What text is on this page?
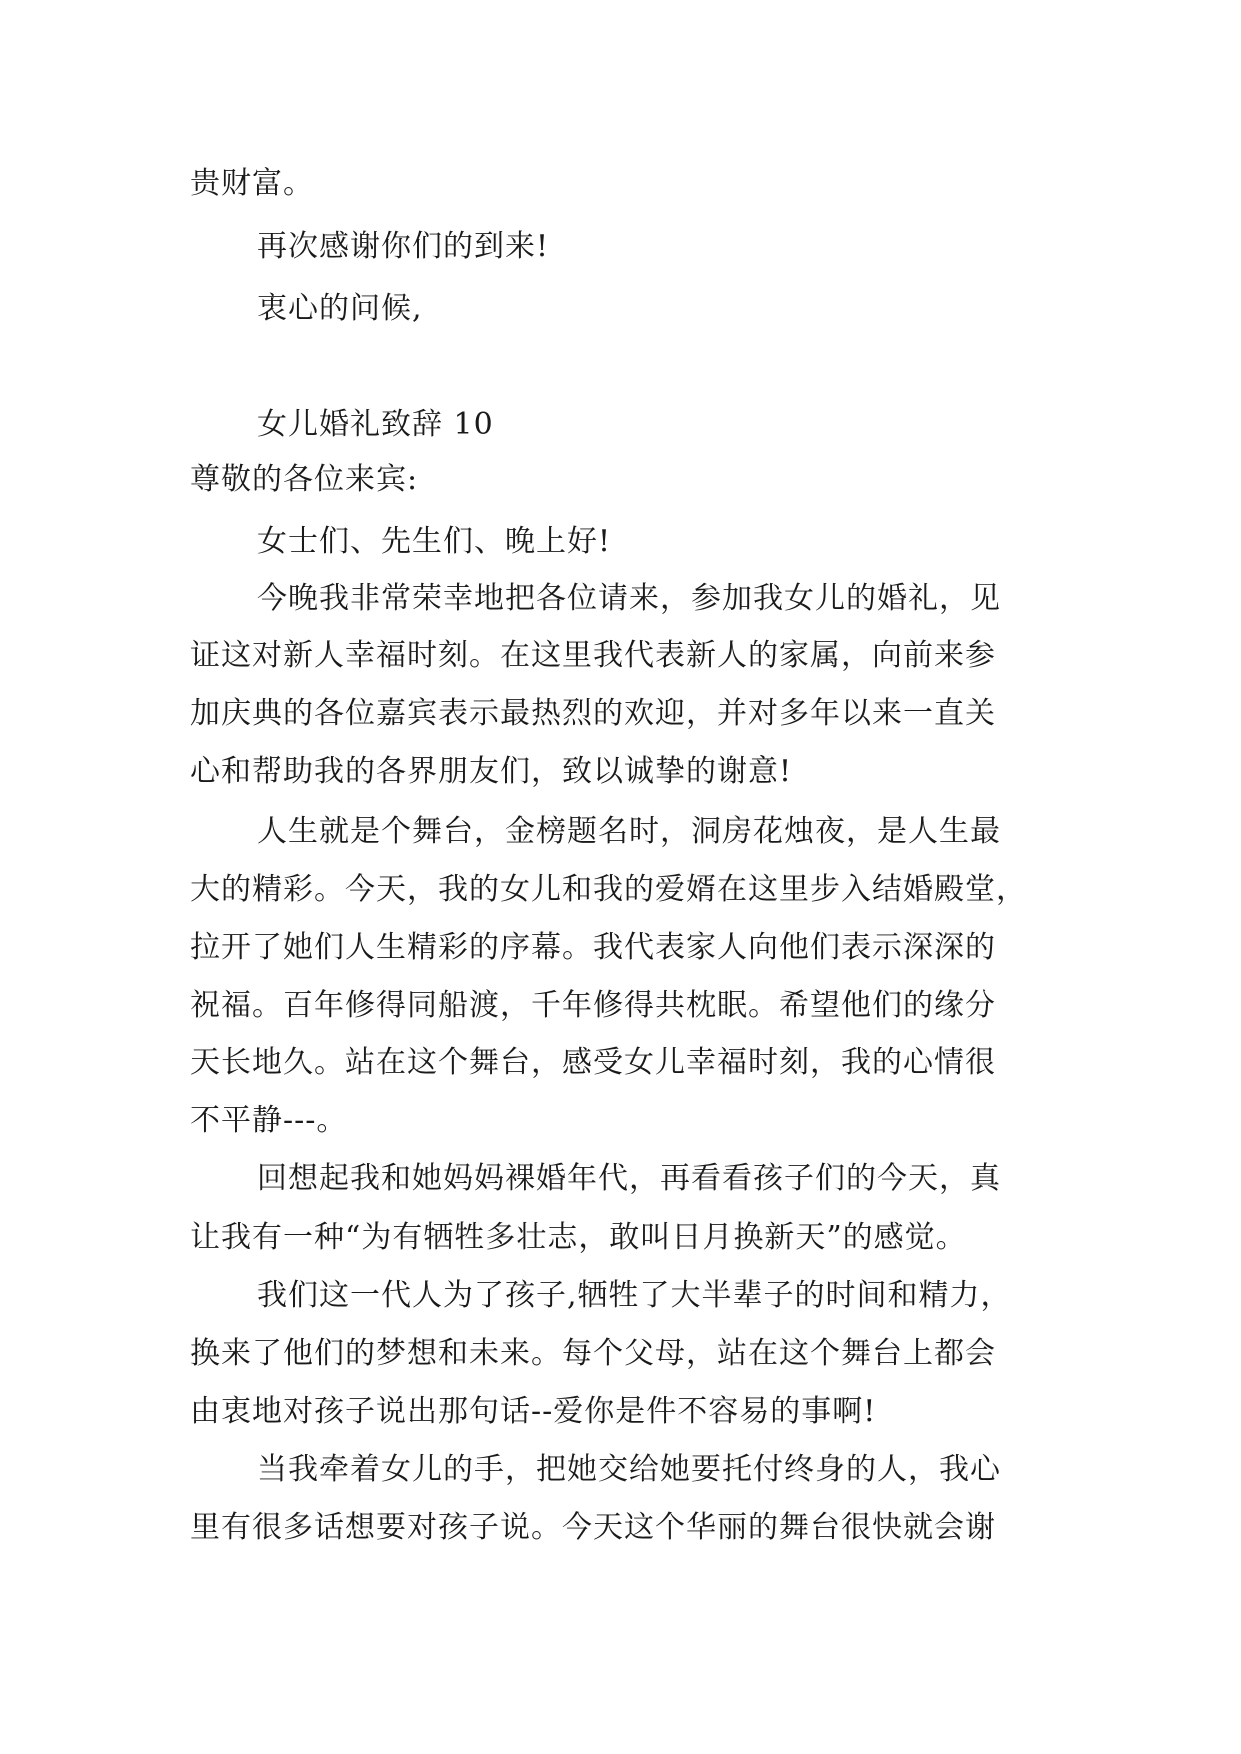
贵财富。
再次感谢你们的到来!
衷心的问候,
女儿婚礼致辞 10
尊敬的各位来宾:
女士们、先生们、晚上好!
今晚我非常荣幸地把各位请来，参加我女儿的婚礼，见
证这对新人幸福时刻。在这里我代表新人的家属，向前来参
加庆典的各位嘉宾表示最热烈的欢迎，并对多年以来一直关
心和帮助我的各界朋友们，致以诚挚的谢意!
人生就是个舞台，金榜题名时，洞房花烛夜，是人生最
大的精彩。今天，我的女儿和我的爱婿在这里步入结婚殿堂，
拉开了她们人生精彩的序幕。我代表家人向他们表示深深的
祝福。百年修得同船渡，千年修得共枕眠。希望他们的缘分
天长地久。站在这个舞台，感受女儿幸福时刻，我的心情很
不平静---。
回想起我和她妈妈裸婚年代，再看看孩子们的今天，真
让我有一种“为有牺牲多壮志，敢叫日月换新天”的感觉。
我们这一代人为了孩子,牺牲了大半辈子的时间和精力，
换来了他们的梦想和未来。每个父母，站在这个舞台上都会
由衷地对孩子说出那句话--爱你是件不容易的事啊!
当我牵着女儿的手，把她交给她要托付终身的人，我心
里有很多话想要对孩子说。今天这个华丽的舞台很快就会谢
